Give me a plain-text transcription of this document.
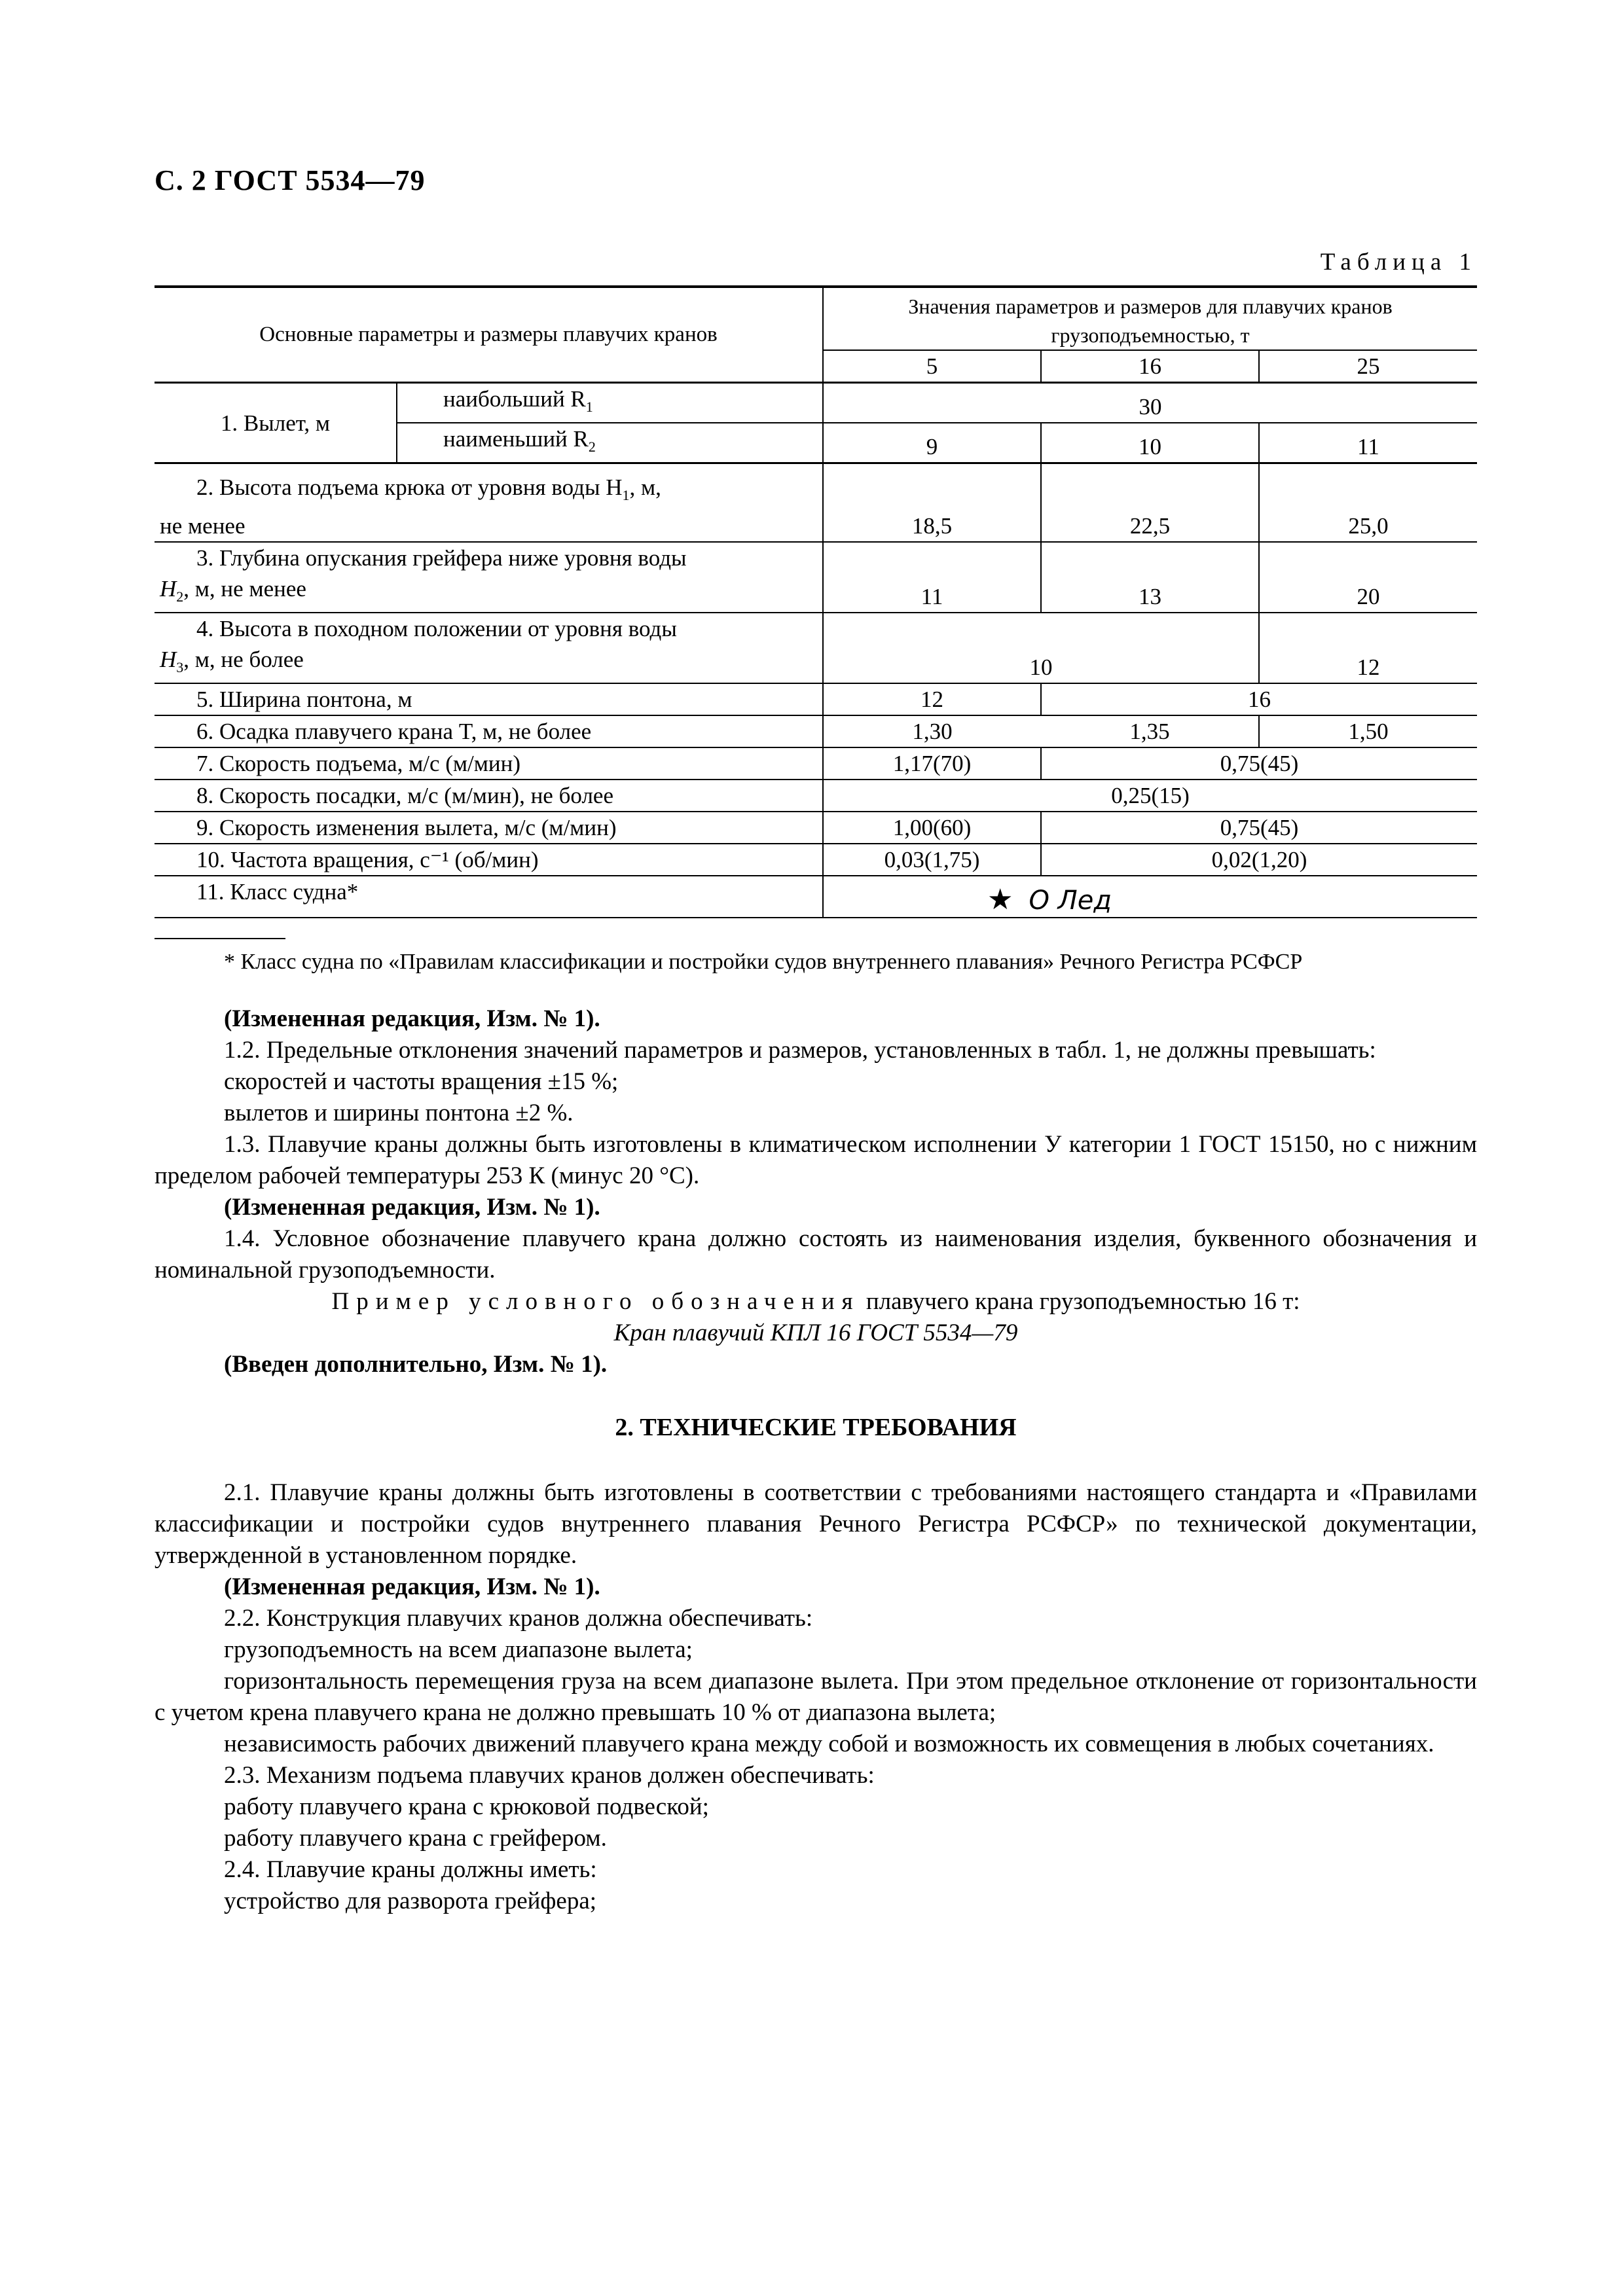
С. 2 ГОСТ 5534—79
Таблица 1
Основные параметры и размеры плавучих кранов		Значения параметров и размеров для плавучих кранов грузоподъемностью, т		
		5	16	25
1. Вылет, м	наибольший $R_1$	30		
	наименьший $R_2$	9	10	11

2. Высота подъема крюка от уровня воды $H_1$, м,
не менее		18,5	22,5	25,0

3. Глубина опускания грейфера ниже уровня воды
$H_2$, м, не менее		11	13	20

4. Высота в походном положении от уровня воды
$H_3$, м, не более		10		12

5. Ширина понтона, м		12	16	

6. Осадка плавучего крана T, м, не более		1,30	1,35	1,50

7. Скорость подъема, м/с (м/мин)		1,17(70)	0,75(45)	

8. Скорость посадки, м/с (м/мин), не более		0,25(15)		

9. Скорость изменения вылета, м/с (м/мин)		1,00(60)	0,75(45)	

10. Частота вращения, с⁻¹ (об/мин)		0,03(1,75)	0,02(1,20)	

11. Класс судна*		★ О Лед		
* Класс судна по «Правилам классификации и постройки судов внутреннего плавания» Речного Регистра РСФСР

(Измененная редакция, Изм. № 1).

1.2. Предельные отклонения значений параметров и размеров, установленных в табл. 1, не должны превышать:

скоростей и частоты вращения ±15 %;

вылетов и ширины понтона ±2 %.

1.3. Плавучие краны должны быть изготовлены в климатическом исполнении У категории 1 ГОСТ 15150, но с нижним пределом рабочей температуры 253 К (минус 20 °С).

(Измененная редакция, Изм. № 1).

1.4. Условное обозначение плавучего крана должно состоять из наименования изделия, буквенного обозначения и номинальной грузоподъемности.

Пример условного обозначения плавучего крана грузоподъемностью 16 т:

Кран плавучий КПЛ 16 ГОСТ 5534—79

(Введен дополнительно, Изм. № 1).

2. ТЕХНИЧЕСКИЕ ТРЕБОВАНИЯ

2.1. Плавучие краны должны быть изготовлены в соответствии с требованиями настоящего стандарта и «Правилами классификации и постройки судов внутреннего плавания Речного Регистра РСФСР» по технической документации, утвержденной в установленном порядке.

(Измененная редакция, Изм. № 1).

2.2. Конструкция плавучих кранов должна обеспечивать:

грузоподъемность на всем диапазоне вылета;

горизонтальность перемещения груза на всем диапазоне вылета. При этом предельное отклонение от горизонтальности с учетом крена плавучего крана не должно превышать 10 % от диапазона вылета;

независимость рабочих движений плавучего крана между собой и возможность их совмещения в любых сочетаниях.

2.3. Механизм подъема плавучих кранов должен обеспечивать:

работу плавучего крана с крюковой подвеской;

работу плавучего крана с грейфером.

2.4. Плавучие краны должны иметь:

устройство для разворота грейфера;
